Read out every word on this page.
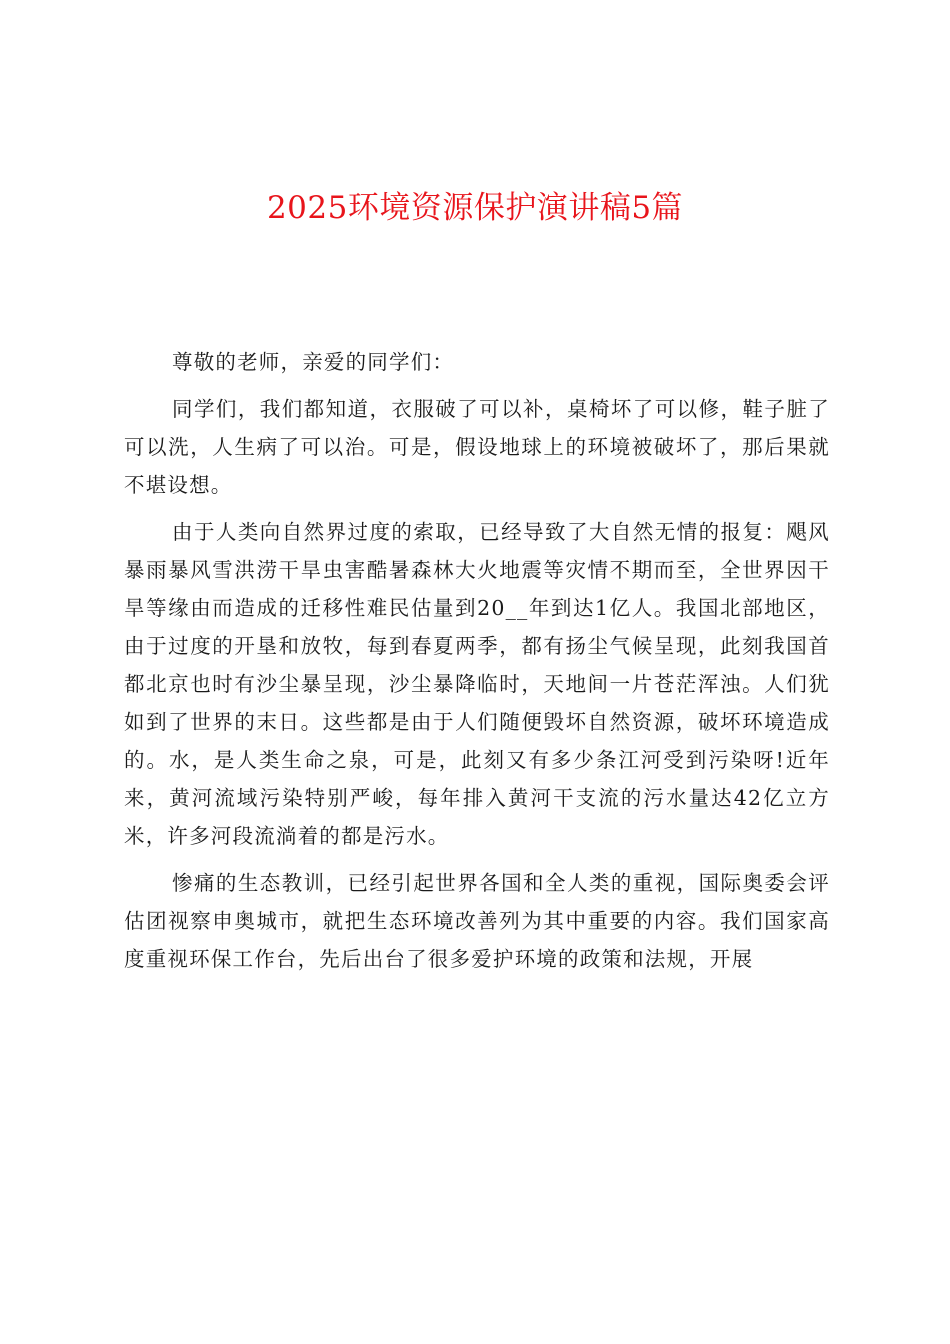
2025环境资源保护演讲稿5篇

尊敬的老师，亲爱的同学们：

同学们，我们都知道，衣服破了可以补，桌椅坏了可以修，鞋子脏了可以洗，人生病了可以治。可是，假设地球上的环境被破坏了，那后果就不堪设想。

由于人类向自然界过度的索取，已经导致了大自然无情的报复：飓风暴雨暴风雪洪涝干旱虫害酷暑森林大火地震等灾情不期而至，全世界因干旱等缘由而造成的迁移性难民估量到20__年到达1亿人。我国北部地区，由于过度的开垦和放牧，每到春夏两季，都有扬尘气候呈现，此刻我国首都北京也时有沙尘暴呈现，沙尘暴降临时，天地间一片苍茫浑浊。人们犹如到了世界的末日。这些都是由于人们随便毁坏自然资源，破坏环境造成的。水，是人类生命之泉，可是，此刻又有多少条江河受到污染呀!近年来，黄河流域污染特别严峻，每年排入黄河干支流的污水量达42亿立方米，许多河段流淌着的都是污水。

惨痛的生态教训，已经引起世界各国和全人类的重视，国际奥委会评估团视察申奥城市，就把生态环境改善列为其中重要的内容。我们国家高度重视环保工作台，先后出台了很多爱护环境的政策和法规，开展
